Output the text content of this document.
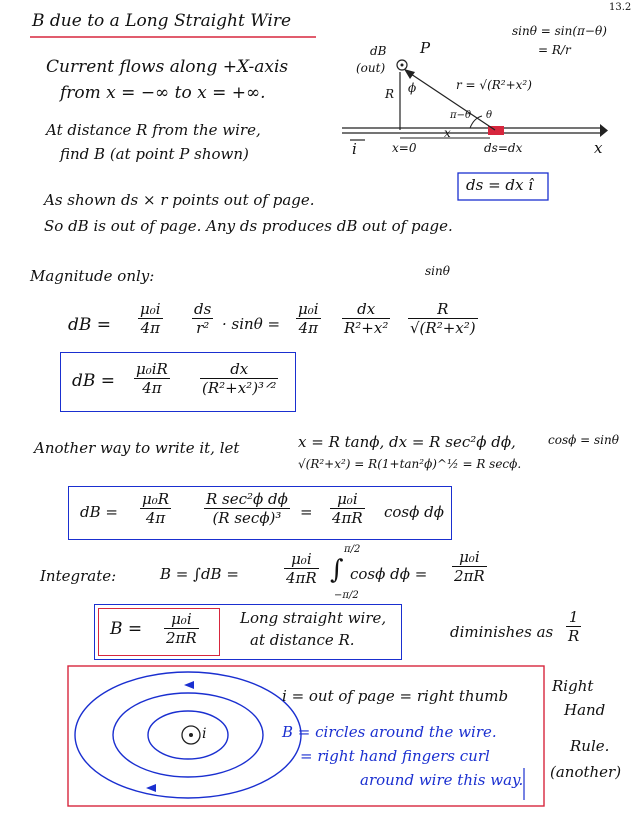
13.2
B due to a Long Straight Wire	sinθ = sin(π−θ)
= R/r
Current flows along +X-axis
from x = −∞ to x = +∞.
At distance R from the wire,
find B (at point P shown)
dB
(out)
P
R ϕ	r = √(R²+x²)
π−θ θ
i	x=0
x
ds=dx	x
ds = dx î
As shown ds × r points out of page.
So dB is out of page. Any ds produces dB out of page.
Magnitude only:	sinθ
dB = $\frac{\text{μ₀i}}{4\pi} \frac{ds}{\text{r²}} \cdot \sin\theta = \frac{\text{μ₀i}}{4\pi} \frac{dx}{\text{R²+x²}} \frac{R}{\text{√(R²+x²)}}$
dB = $\frac{\text{μ₀iR}}{4\pi}$	dx
(R²+x²)³ᐟ²
Another way to write it, let	x = R tanϕ, dx = R sec²ϕ dϕ,
√(R²+x²) = R(1+tan²ϕ)^½ = R secϕ.
cosϕ = sinθ
dB = $\frac{\text{μ₀R}}{4\pi}$ R sec²ϕ dϕ
(R secϕ)³	= $\frac{\text{μ₀i}}{4\pi R}$ cosϕ dϕ
Integrate:	B = ∫dB =	$\frac{\text{μ₀i}}{4\pi R}$
π/2
∫
−π/2
cosϕ $d\phi = \frac{\text{μ₀i}}{2\pi R}$
$B = \frac{\text{μ₀i}}{2\pi R}$	Long straight wire,
at distance R.	diminishes as $\frac{1}{R}$
i
i = out of page = right thumb
B = circles around the wire.
= right hand fingers curl
around wire this way.
Right
Hand
Rule.
(another)
